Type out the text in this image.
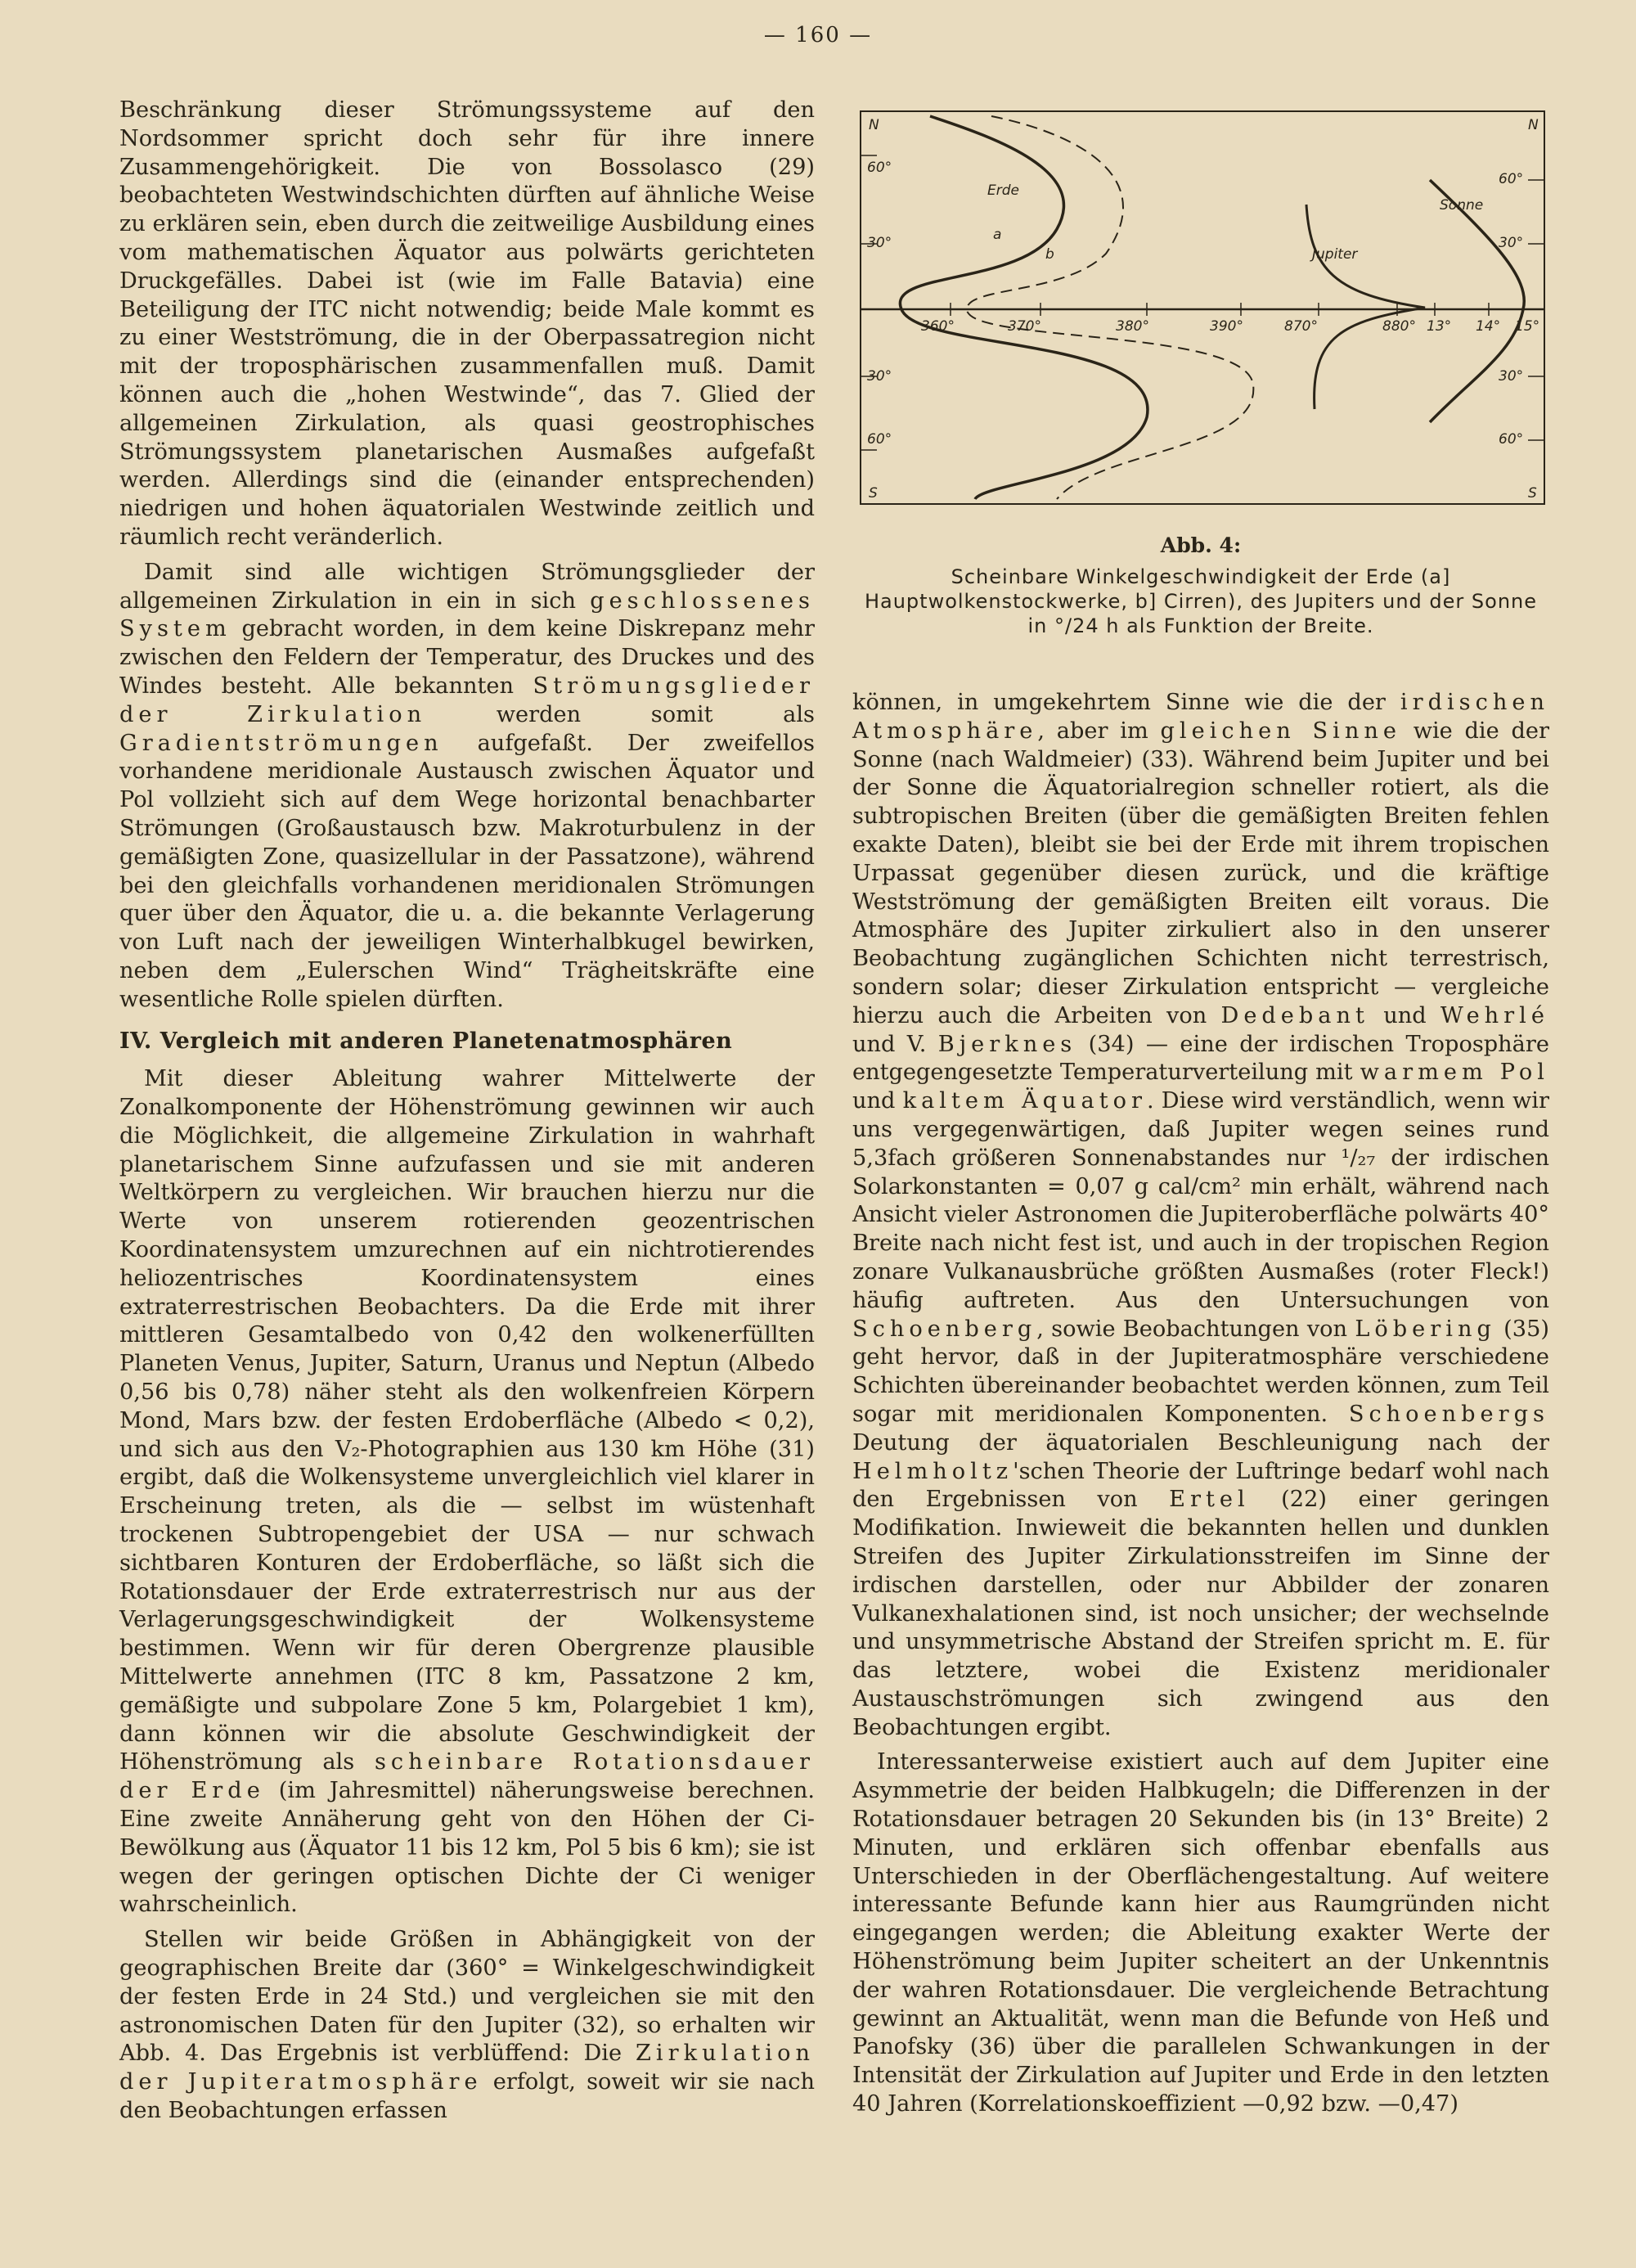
— 160 —

Beschränkung dieser Strömungssysteme auf den Nordsommer spricht doch sehr für ihre innere Zusammengehörigkeit. Die von Bossolasco (29) beobachteten Westwindschichten dürften auf ähnliche Weise zu erklären sein, eben durch die zeitweilige Ausbildung eines vom mathematischen Äquator aus polwärts gerichteten Druckgefälles. Dabei ist (wie im Falle Batavia) eine Beteiligung der ITC nicht notwendig; beide Male kommt es zu einer Westströmung, die in der Oberpassatregion nicht mit der troposphärischen zusammenfallen muß. Damit können auch die „hohen Westwinde“, das 7. Glied der allgemeinen Zirkulation, als quasi geostrophisches Strömungssystem planetarischen Ausmaßes aufgefaßt werden. Allerdings sind die (einander entsprechenden) niedrigen und hohen äquatorialen Westwinde zeitlich und räumlich recht veränderlich.

Damit sind alle wichtigen Strömungsglieder der allgemeinen Zirkulation in ein in sich geschlossenes System gebracht worden, in dem keine Diskrepanz mehr zwischen den Feldern der Temperatur, des Druckes und des Windes besteht. Alle bekannten Strömungsglieder der Zirkulation	werden somit als Gradientströmungen aufgefaßt. Der zweifellos vorhandene meridionale Austausch zwischen Äquator und Pol vollzieht sich auf dem Wege horizontal benachbarter Strömungen (Großaustausch bzw. Makroturbulenz in der gemäßigten Zone, quasizellular in der Passatzone), während bei den gleichfalls vorhandenen meridionalen Strömungen quer über den Äquator, die u. a. die bekannte Verlagerung von Luft nach der jeweiligen Winterhalbkugel bewirken, neben dem „Eulerschen Wind“ Trägheitskräfte eine wesentliche Rolle spielen dürften.

IV. Vergleich mit anderen Planetenatmosphären

Mit dieser Ableitung wahrer Mittelwerte der Zonalkomponente der Höhenströmung gewinnen wir auch die Möglichkeit, die allgemeine Zirkulation in wahrhaft planetarischem Sinne aufzufassen und sie mit anderen Weltkörpern zu vergleichen. Wir brauchen hierzu nur die Werte von unserem rotierenden geozentrischen Koordinatensystem umzurechnen auf ein nichtrotierendes heliozentrisches Koordinatensystem eines extraterrestrischen Beobachters. Da die Erde mit ihrer mittleren Gesamtalbedo von 0,42 den wolkenerfüllten Planeten Venus, Jupiter, Saturn, Uranus und Neptun (Albedo 0,56 bis 0,78) näher steht als den wolkenfreien Körpern Mond, Mars bzw. der festen Erdoberfläche (Albedo < 0,2), und sich aus den V₂-Photographien aus 130 km Höhe (31) ergibt, daß die Wolkensysteme unvergleichlich viel klarer in Erscheinung treten, als die — selbst im wüstenhaft trockenen Subtropengebiet der USA — nur schwach sichtbaren Konturen der Erdoberfläche, so läßt sich die Rotationsdauer der Erde extraterrestrisch nur aus der Verlagerungsgeschwindigkeit der Wolkensysteme bestimmen. Wenn wir für deren Obergrenze plausible Mittelwerte annehmen (ITC 8 km, Passatzone 2 km, gemäßigte und subpolare Zone 5 km, Polargebiet 1 km), dann können wir die absolute Geschwindigkeit der Höhenströmung als scheinbare Rotationsdauer der Erde (im Jahresmittel) näherungsweise berechnen. Eine zweite Annäherung geht von den Höhen der Ci-Bewölkung aus (Äquator 11 bis 12 km, Pol 5 bis 6 km); sie ist wegen der geringen optischen Dichte der Ci weniger wahrscheinlich.

Stellen wir beide Größen in Abhängigkeit von der geographischen Breite dar (360° = Winkelgeschwindigkeit der festen Erde in 24 Std.) und vergleichen sie mit den astronomischen Daten für den Jupiter (32), so erhalten wir Abb. 4. Das Ergebnis ist verblüffend: Die Zirkulation der Jupiteratmosphäre erfolgt, soweit wir sie nach den Beobachtungen erfassen

N	N
S	S
60°
30°
30°
60°
60°
30°
30°
60°
360°	370°	380°	390°	870°	880° 13° 14° 15°
Erde
a
b	Jupiter
Sonne
Abb. 4:
Scheinbare Winkelgeschwindigkeit der Erde (a] Hauptwolkenstockwerke, b] Cirren), des Jupiters und der Sonne in °/24 h als Funktion der Breite.

können, in umgekehrtem Sinne wie die der irdischen Atmosphäre, aber im gleichen Sinne wie die der Sonne (nach Waldmeier) (33). Während beim Jupiter und bei der Sonne die Äquatorialregion schneller rotiert, als die subtropischen Breiten (über die gemäßigten Breiten fehlen exakte Daten), bleibt sie bei der Erde mit ihrem tropischen Urpassat gegenüber diesen zurück, und die kräftige Westströmung der gemäßigten Breiten eilt voraus. Die Atmosphäre des Jupiter zirkuliert also in den unserer Beobachtung zugänglichen Schichten nicht terrestrisch, sondern solar; dieser Zirkulation entspricht — vergleiche hierzu auch die Arbeiten von Dedebant und Wehrlé und V. Bjerknes (34) — eine der irdischen Troposphäre entgegengesetzte Temperaturverteilung mit warmem Pol und kaltem Äquator. Diese wird verständlich, wenn wir uns vergegenwärtigen, daß Jupiter wegen seines rund 5,3fach größeren Sonnenabstandes nur ¹/₂₇ der irdischen Solarkonstanten = 0,07 g cal/cm² min erhält, während nach Ansicht vieler Astronomen die Jupiteroberfläche polwärts 40° Breite nach nicht fest ist, und auch in der tropischen Region zonare Vulkanausbrüche größten Ausmaßes (roter Fleck!) häufig auftreten. Aus den Untersuchungen von Schoenberg, sowie Beobachtungen von Löbering (35) geht hervor, daß in der Jupiteratmosphäre verschiedene Schichten übereinander beobachtet werden können, zum Teil sogar mit meridionalen Komponenten. Schoenbergs Deutung der äquatorialen Beschleunigung nach der Helmholtz'schen Theorie der Luftringe bedarf wohl nach den Ergebnissen von Ertel (22) einer geringen Modifikation. Inwieweit die bekannten hellen und dunklen Streifen des Jupiter Zirkulationsstreifen im Sinne der irdischen darstellen, oder nur Abbilder der zonaren Vulkanexhalationen sind, ist noch unsicher; der wechselnde und unsymmetrische Abstand der Streifen spricht m. E. für das letztere, wobei die Existenz meridionaler Austauschströmungen sich zwingend aus den Beobachtungen ergibt.

Interessanterweise existiert auch auf dem Jupiter eine Asymmetrie der beiden Halbkugeln; die Differenzen in der Rotationsdauer betragen 20 Sekunden bis (in 13° Breite) 2 Minuten, und erklären sich offenbar ebenfalls aus Unterschieden in der Oberflächengestaltung. Auf weitere interessante Befunde kann hier aus Raumgründen nicht eingegangen werden; die Ableitung exakter Werte der Höhenströmung beim Jupiter scheitert an der Unkenntnis der wahren Rotationsdauer. Die vergleichende Betrachtung gewinnt an Aktualität, wenn man die Befunde von Heß und Panofsky (36) über die parallelen Schwankungen in der Intensität der Zirkulation auf Jupiter und Erde in den letzten 40 Jahren (Korrelationskoeffizient —0,92 bzw. —0,47)
